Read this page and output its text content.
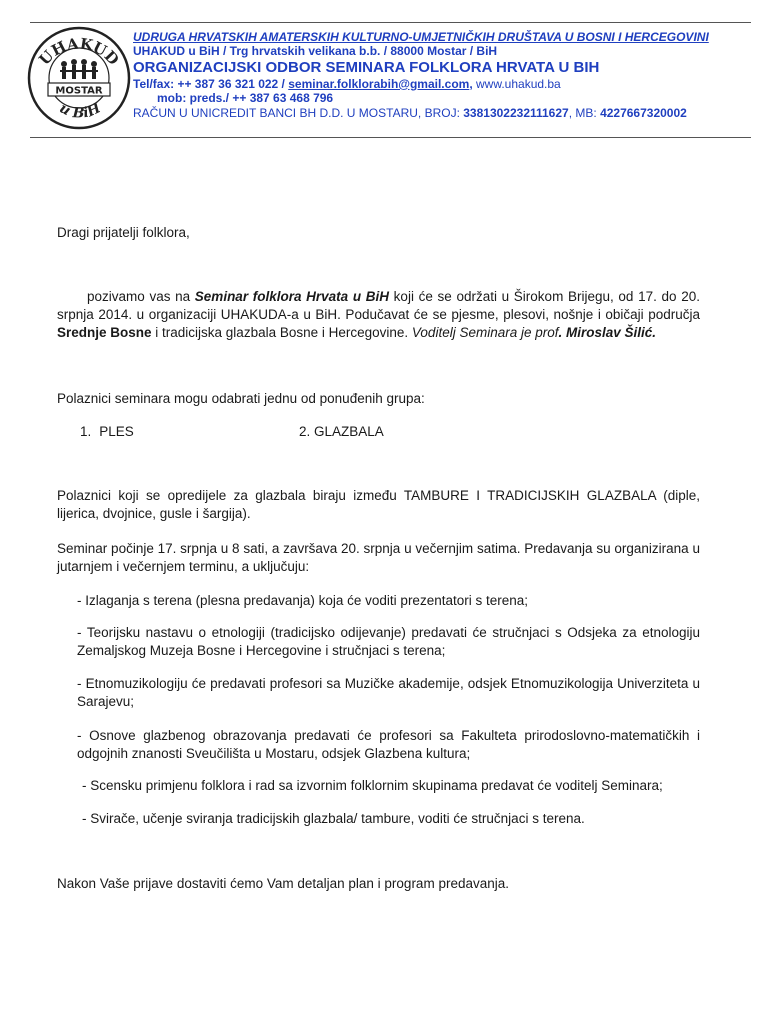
UHAKUD
u BiH
MOSTAR
UDRUGA HRVATSKIH AMATERSKIH KULTURNO-UMJETNIČKIH DRUŠTAVA U BOSNI I HERCEGOVINI
UHAKUD u BiH / Trg hrvatskih velikana b.b. / 88000 Mostar / BiH
ORGANIZACIJSKI ODBOR SEMINARA FOLKLORA HRVATA U BIH
Tel/fax: ++ 387 36 321 022 / seminar.folklorabih@gmail.com, www.uhakud.ba
mob: preds./ ++ 387 63 468 796
RAČUN U UNICREDIT BANCI BH D.D. U MOSTARU, BROJ: 3381302232111627, MB: 4227667320002
Dragi prijatelji folklora,
pozivamo vas na Seminar folklora Hrvata u BiH koji će se održati u Širokom Brijegu, od 17. do 20. srpnja 2014. u organizaciji UHAKUDA-a u BiH. Podučavat će se pjesme, plesovi, nošnje i običaji područja Srednje Bosne i tradicijska glazbala Bosne i Hercegovine. Voditelj Seminara je prof. Miroslav Šilić.
Polaznici seminara mogu odabrati jednu od ponuđenih grupa:
1. PLES	2. GLAZBALA
Polaznici koji se opredijele za glazbala biraju između TAMBURE I TRADICIJSKIH GLAZBALA (diple, lijerica, dvojnice, gusle i šargija).
Seminar počinje 17. srpnja u 8 sati, a završava 20. srpnja u večernjim satima. Predavanja su organizirana u jutarnjem i večernjem terminu, a uključuju:
- Izlaganja s terena (plesna predavanja) koja će voditi prezentatori s terena;
- Teorijsku nastavu o etnologiji (tradicijsko odijevanje) predavati će stručnjaci s Odsjeka za etnologiju Zemaljskog Muzeja Bosne i Hercegovine i stručnjaci s terena;
- Etnomuzikologiju će predavati profesori sa Muzičke akademije, odsjek Etnomuzikologija Univerziteta u Sarajevu;
- Osnove glazbenog obrazovanja predavati će profesori sa Fakulteta prirodoslovno-matematičkih i odgojnih znanosti Sveučilišta u Mostaru, odsjek Glazbena kultura;
- Scensku primjenu folklora i rad sa izvornim folklornim skupinama predavat će voditelj Seminara;
- Svirače, učenje sviranja tradicijskih glazbala/ tambure, voditi će stručnjaci s terena.
Nakon Vaše prijave dostaviti ćemo Vam detaljan plan i program predavanja.
